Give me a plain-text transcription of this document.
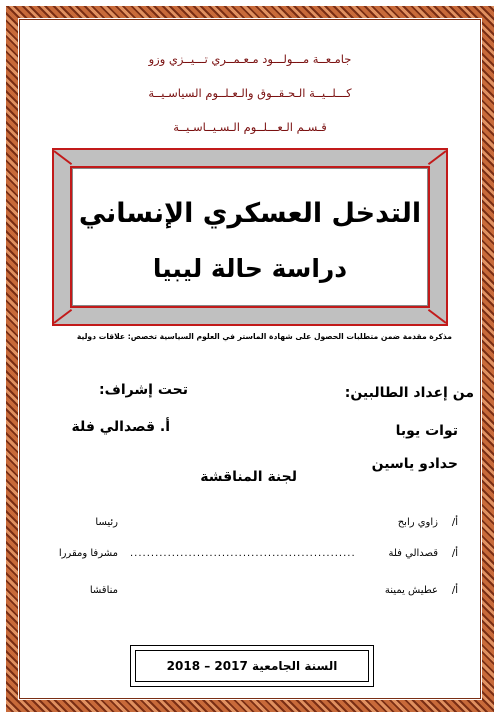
جامـعــة مـــولـــود مـعـمــري تـــيــزي وزو
كـــلــيــة الـحـقــوق والـعـلــوم السياسـيــة
قـسـم الـعـــلــوم الـسـيــاسـيــة
التدخل العسكري الإنساني
دراسة حالة ليبيا
مذكرة مقدمة ضمن متطلبات الحصول على شهادة الماستر في العلوم السياسية تخصص: علاقات دولية
من إعداد الطالبين:
توات يوبا
حدادو ياسين
تحت إشراف:
أ. قصدالي فلة
لجنة المناقشة
أ/
زاوي رابح
رئيسا
أ/
قصدالي فلة
......................................................
مشرفا ومقررا
أ/
عطيش يمينة
مناقشا
السنة الجامعية 2017 – 2018
